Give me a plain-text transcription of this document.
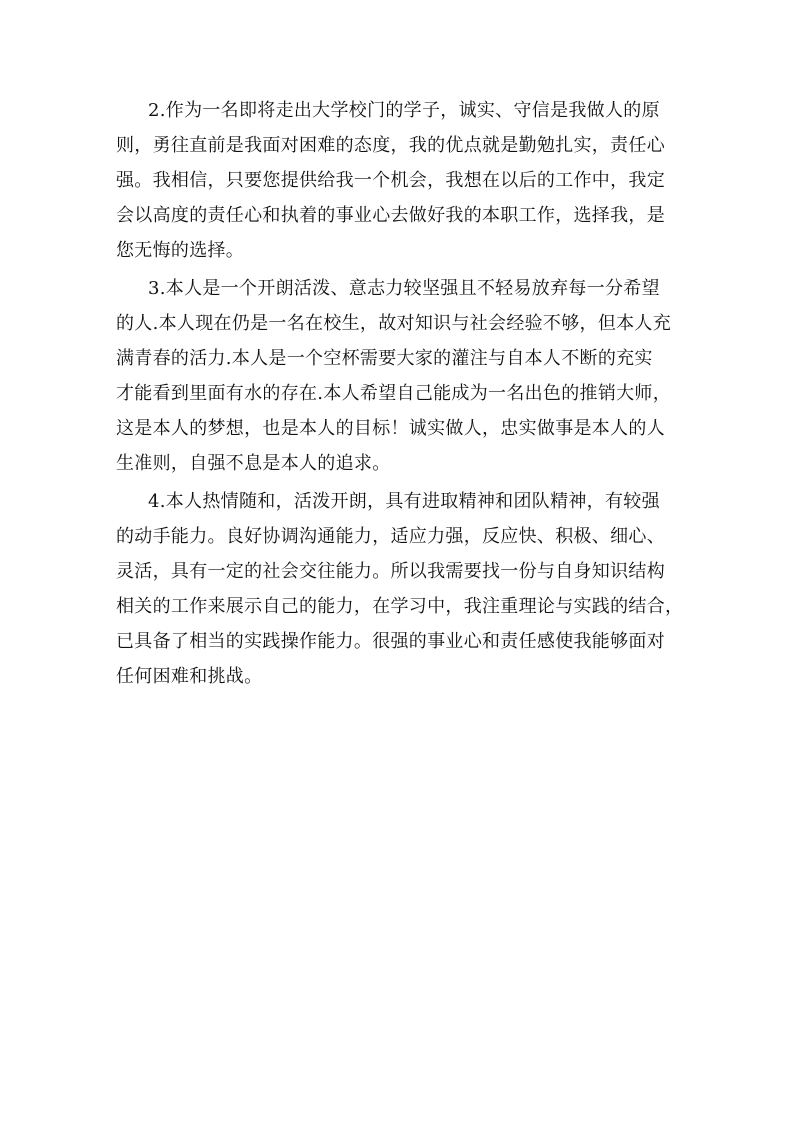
2.作为一名即将走出大学校门的学子，诚实、守信是我做人的原
则，勇往直前是我面对困难的态度，我的优点就是勤勉扎实，责任心
强。我相信，只要您提供给我一个机会，我想在以后的工作中，我定
会以高度的责任心和执着的事业心去做好我的本职工作，选择我，是
您无悔的选择。

3.本人是一个开朗活泼、意志力较坚强且不轻易放弃每一分希望
的人.本人现在仍是一名在校生，故对知识与社会经验不够，但本人充
满青春的活力.本人是一个空杯需要大家的灌注与自本人不断的充实
才能看到里面有水的存在.本人希望自己能成为一名出色的推销大师，
这是本人的梦想，也是本人的目标！诚实做人，忠实做事是本人的人
生准则，自强不息是本人的追求。

4.本人热情随和，活泼开朗，具有进取精神和团队精神，有较强
的动手能力。良好协调沟通能力，适应力强，反应快、积极、细心、
灵活，具有一定的社会交往能力。所以我需要找一份与自身知识结构
相关的工作来展示自己的能力，在学习中，我注重理论与实践的结合，
已具备了相当的实践操作能力。很强的事业心和责任感使我能够面对
任何困难和挑战。
